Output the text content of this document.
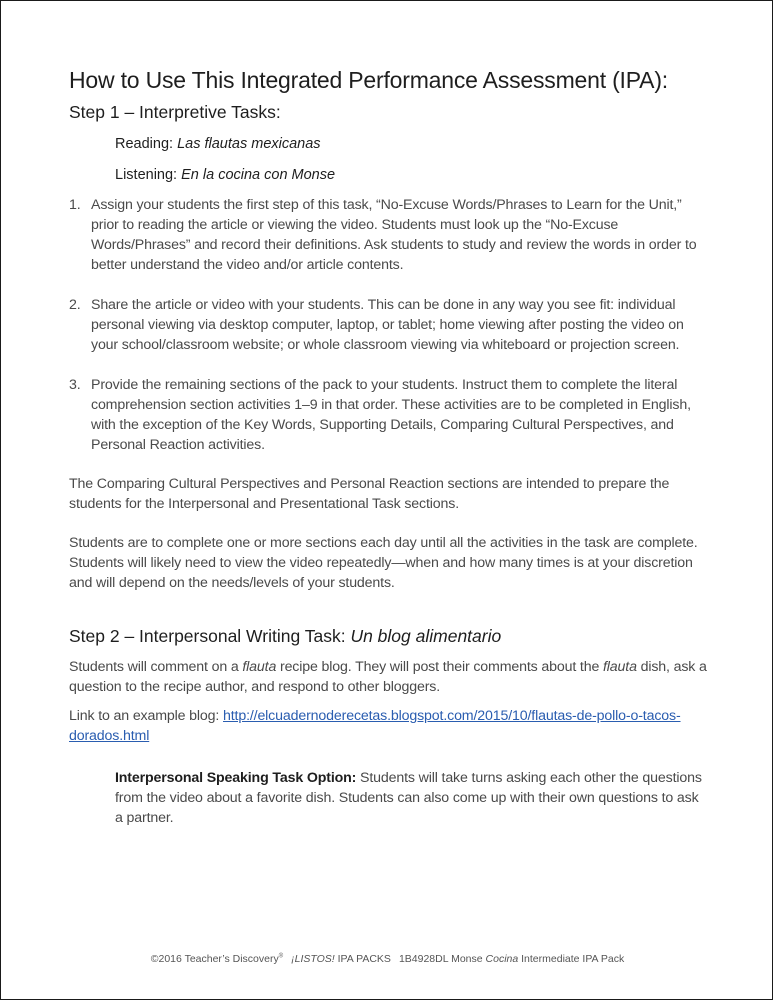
How to Use This Integrated Performance Assessment (IPA):
Step 1 – Interpretive Tasks:
Reading: Las flautas mexicanas
Listening: En la cocina con Monse
1. Assign your students the first step of this task, “No-Excuse Words/Phrases to Learn for the Unit,” prior to reading the article or viewing the video. Students must look up the “No-Excuse Words/Phrases” and record their definitions. Ask students to study and review the words in order to better understand the video and/or article contents.
2. Share the article or video with your students. This can be done in any way you see fit: individual personal viewing via desktop computer, laptop, or tablet; home viewing after posting the video on your school/classroom website; or whole classroom viewing via whiteboard or projection screen.
3. Provide the remaining sections of the pack to your students. Instruct them to complete the literal comprehension section activities 1–9 in that order. These activities are to be completed in English, with the exception of the Key Words, Supporting Details, Comparing Cultural Perspectives, and Personal Reaction activities.

The Comparing Cultural Perspectives and Personal Reaction sections are intended to prepare the students for the Interpersonal and Presentational Task sections.

Students are to complete one or more sections each day until all the activities in the task are complete. Students will likely need to view the video repeatedly—when and how many times is at your discretion and will depend on the needs/levels of your students.

Step 2 – Interpersonal Writing Task: Un blog alimentario

Students will comment on a flauta recipe blog. They will post their comments about the flauta dish, ask a question to the recipe author, and respond to other bloggers.

Link to an example blog: http://elcuadernoderecetas.blogspot.com/2015/10/flautas-de-pollo-o-tacos-dorados.html

Interpersonal Speaking Task Option: Students will take turns asking each other the questions from the video about a favorite dish. Students can also come up with their own questions to ask a partner.

©2016 Teacher’s Discovery® ¡LISTOS! IPA PACKS 1B4928DL Monse Cocina Intermediate IPA Pack
